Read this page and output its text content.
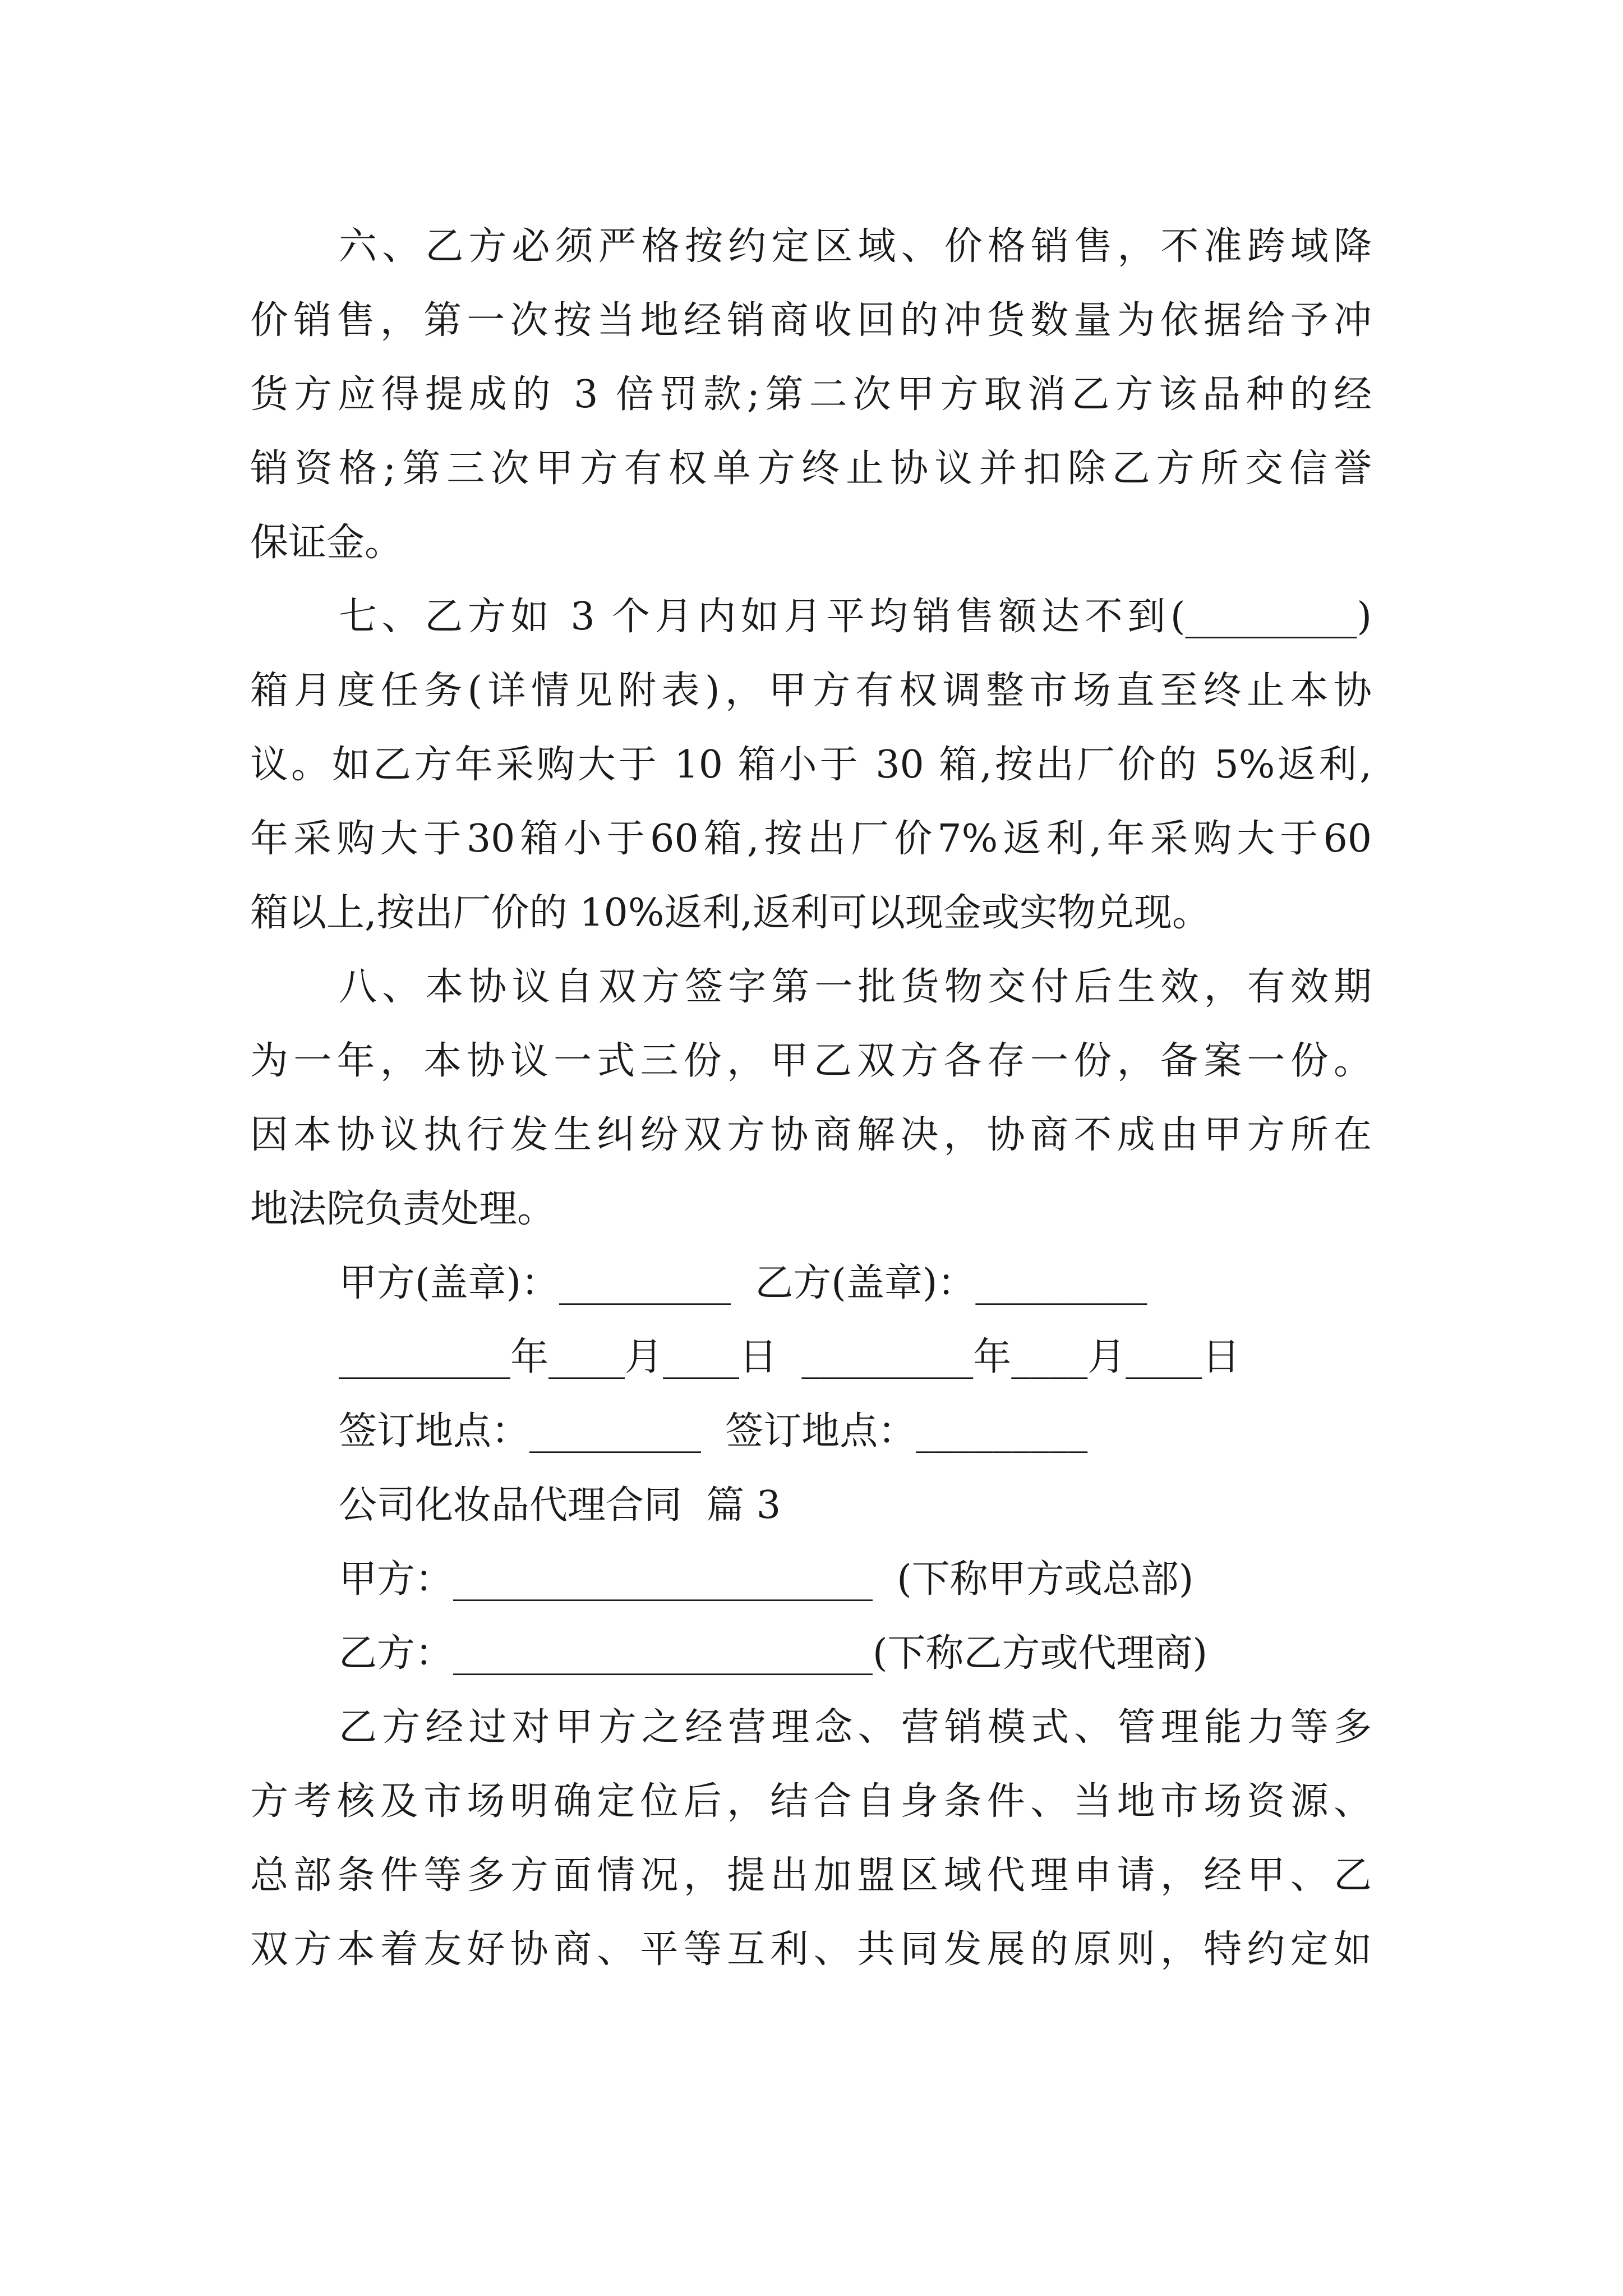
六、乙方必须严格按约定区域、价格销售，不准跨域降
价销售，第一次按当地经销商收回的冲货数量为依据给予冲
货方应得提成的 3 倍罚款;第二次甲方取消乙方该品种的经
销资格;第三次甲方有权单方终止协议并扣除乙方所交信誉
保证金。
七、乙方如 3 个月内如月平均销售额达不到(_________)
箱月度任务(详情见附表)，甲方有权调整市场直至终止本协
议。如乙方年采购大于 10 箱小于 30 箱,按出厂价的 5%返利,
年采购大于30箱小于60箱,按出厂价7%返利,年采购大于60
箱以上,按出厂价的 10%返利,返利可以现金或实物兑现。
八、本协议自双方签字第一批货物交付后生效，有效期
为一年，本协议一式三份，甲乙双方各存一份，备案一份。
因本协议执行发生纠纷双方协商解决，协商不成由甲方所在
地法院负责处理。
甲方(盖章)：_________  乙方(盖章)：_________
_________年____月____日  _________年____月____日
签订地点：_________  签订地点：_________
公司化妆品代理合同  篇 3
甲方：______________________  (下称甲方或总部)
乙方：______________________(下称乙方或代理商)
乙方经过对甲方之经营理念、营销模式、管理能力等多
方考核及市场明确定位后，结合自身条件、当地市场资源、
总部条件等多方面情况，提出加盟区域代理申请，经甲、乙
双方本着友好协商、平等互利、共同发展的原则，特约定如
